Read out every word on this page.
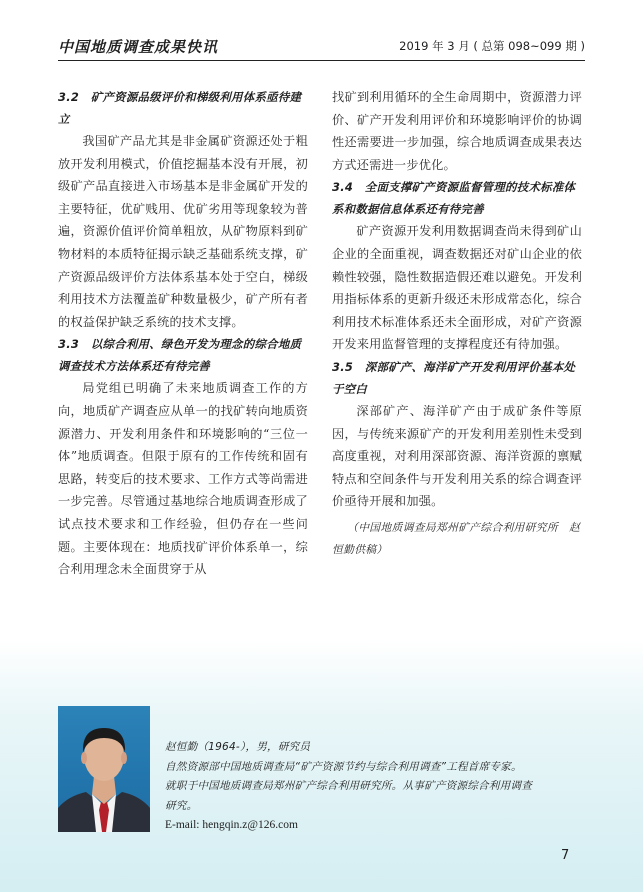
中国地质调查成果快讯	2019 年 3 月 ( 总第 098~099 期 )

3.2　矿产资源品级评价和梯级利用体系亟待建立

我国矿产品尤其是非金属矿资源还处于粗放开发利用模式，价值挖掘基本没有开展，初级矿产品直接进入市场基本是非金属矿开发的主要特征，优矿贱用、优矿劣用等现象较为普遍，资源价值评价简单粗放，从矿物原料到矿物材料的本质特征揭示缺乏基础系统支撑，矿产资源品级评价方法体系基本处于空白，梯级利用技术方法覆盖矿种数量极少，矿产所有者的权益保护缺乏系统的技术支撑。

3.3　以综合利用、绿色开发为理念的综合地质调查技术方法体系还有待完善

局党组已明确了未来地质调查工作的方向，地质矿产调查应从单一的找矿转向地质资源潜力、开发利用条件和环境影响的“三位一体”地质调查。但限于原有的工作传统和固有思路，转变后的技术要求、工作方式等尚需进一步完善。尽管通过基地综合地质调查形成了试点技术要求和工作经验，但仍存在一些问题。主要体现在：地质找矿评价体系单一，综合利用理念未全面贯穿于从

找矿到利用循环的全生命周期中，资源潜力评价、矿产开发利用评价和环境影响评价的协调性还需要进一步加强，综合地质调查成果表达方式还需进一步优化。

3.4　全面支撑矿产资源监督管理的技术标准体系和数据信息体系还有待完善

矿产资源开发利用数据调查尚未得到矿山企业的全面重视，调查数据还对矿山企业的依赖性较强，隐性数据造假还难以避免。开发利用指标体系的更新升级还未形成常态化，综合利用技术标准体系还未全面形成，对矿产资源开发来用监督管理的支撑程度还有待加强。

3.5　深部矿产、海洋矿产开发利用评价基本处于空白

深部矿产、海洋矿产由于成矿条件等原因，与传统来源矿产的开发利用差别性未受到高度重视，对利用深部资源、海洋资源的禀赋特点和空间条件与开发利用关系的综合调查评价亟待开展和加强。

（中国地质调查局郑州矿产综合利用研究所　赵恒勤供稿）

赵恒勤（1964-），男，研究员

自然资源部中国地质调查局“矿产资源节约与综合利用调查”工程首席专家。

就职于中国地质调查局郑州矿产综合利用研究所。从事矿产资源综合利用调查

研究。

E-mail: hengqin.z@126.com

7
